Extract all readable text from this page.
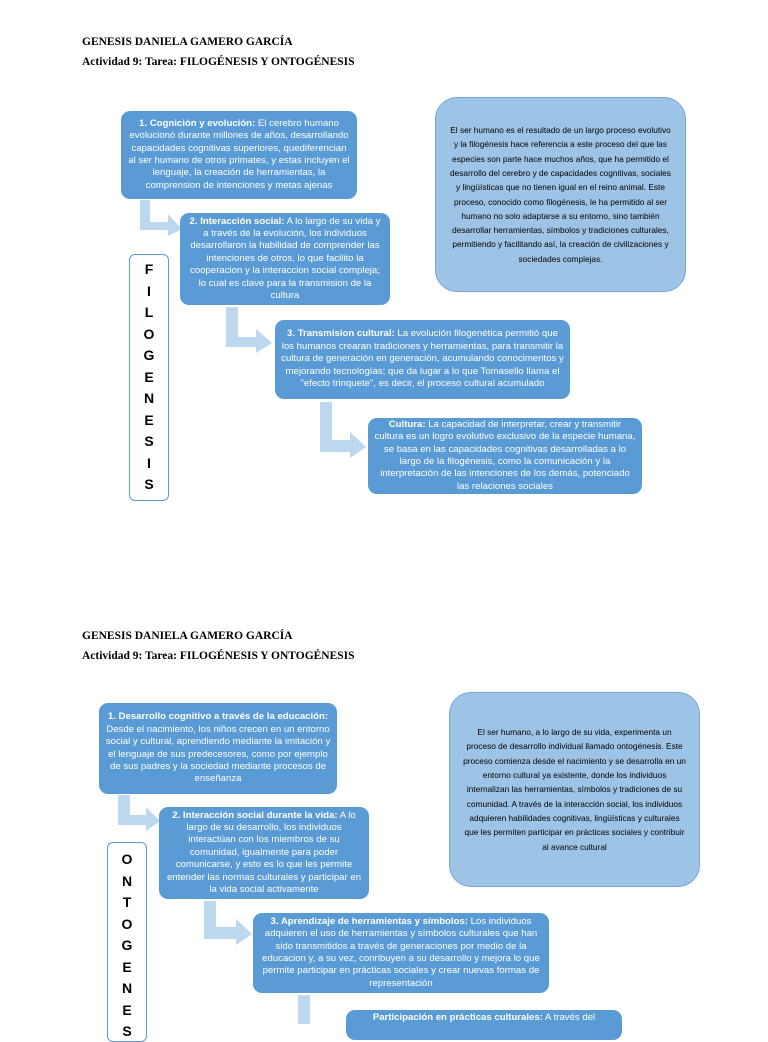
GENESIS DANIELA GAMERO GARCÍA
Actividad 9: Tarea: FILOGÉNESIS Y ONTOGÉNESIS
1. Cognición y evolución: El cerebro humano evolucionó durante millones de años, desarrollando capacidades cognitivas superiores, quediferencian al ser humano de otros primates, y estas incluyen el lenguaje, la creación de herramientas, la comprension de intenciones y metas ajenas
2. Interacción social: A lo largo de su vida y a través de la evolución, los individuos desarrollaron la habilidad de comprender las intenciones de otros, lo que facilito la cooperacion y la interaccion social compleja; lo cual es clave para la transmision de la cultura
3. Transmision cultural: La evolución filogenética permitió que los humanos crearan tradiciones y herramientas, para transmitir la cultura de generación en generación, acumulando conocimentos y mejorando tecnologías; que da lugar a lo que Tomasello llama el "efecto trinquete", es decir, el proceso cultural acumulado
Cultura: La capacidad de interpretar, crear y transmitir cultura es un logro evolutivo exclusivo de la especie humana, se basa en las capacidades cognitivas desarrolladas a lo largo de la filogénesis, como la comunicación y la interpretación de las intenciones de los demás, potenciado las relaciones sociales
El ser humano es el resultado de un largo proceso evolutivo y la filogénesis hace referencia a este proceso del que las especies son parte hace muchos años, que ha permitido el desarrollo del cerebro y de capacidades cognitivas, sociales y lingüísticas que no tienen igual en el reino animal. Este proceso, conocido como filogénesis, le ha permitido al ser humano no solo adaptarse a su entorno, sino también desarrollar herramientas, símbolos y tradiciones culturales, permitiendo y facilitando así, la creación de civilizaciones y sociedades complejas.
F
I
L
O
G
E
N
E
S
I
S
GENESIS DANIELA GAMERO GARCÍA
Actividad 9: Tarea: FILOGÉNESIS Y ONTOGÉNESIS
1. Desarrollo cognitivo a través de la educación: Desde el nacimiento, los niños crecen en un entorno social y cultural, aprendiendo mediante la imitación y el lenguaje de sus predecesores, como por ejemplo de sus padres y la sociedad mediante procesos de enseñanza
2. Interacción social durante la vida: A lo largo de su desarrollo, los individuos interactúan con los miembros de su comunidad, igualmente para poder comunicarse, y esto es lo que les permite entender las normas culturales y participar en la vida social activamente
3. Aprendizaje de herramientas y símbolos: Los individuos adquieren el uso de herramientas y símbolos culturales que han sido transmitidos a través de generaciones por medio de la educacion y, a su vez, conribuyen a su desarrollo y mejora lo que permite participar en prácticas sociales y crear nuevas formas de representación
Participación en prácticas culturales: A través del
El ser humano, a lo largo de su vida, experimenta un proceso de desarrollo individual llamado ontogénesis. Este proceso comienza desde el nacimiento y se desarrolla en un entorno cultural ya existente, donde los individuos internalizan las herramientas, símbolos y tradiciones de su comunidad. A través de la interacción social, los individuos adquieren habilidades cognitivas, lingüísticas y culturales que les permiten participar en prácticas sociales y contribuir al avance cultural
O
N
T
O
G
E
N
E
S
